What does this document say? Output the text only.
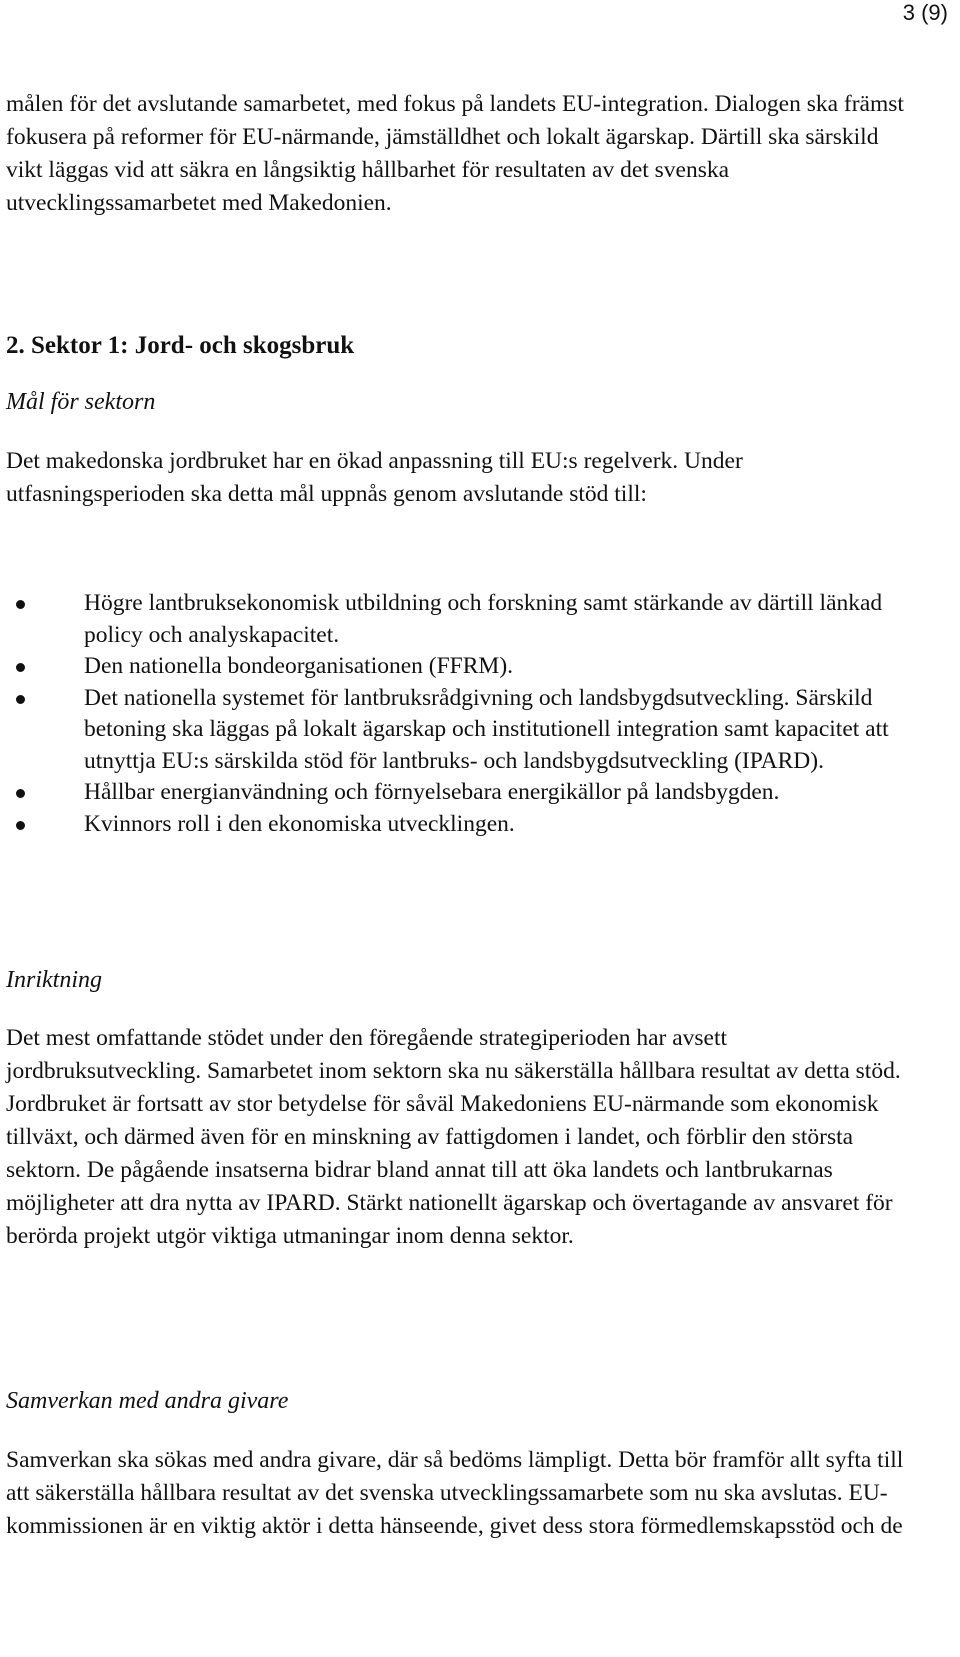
3 (9)

målen för det avslutande samarbetet, med fokus på landets EU-integration. Dialogen ska främst fokusera på reformer för EU-närmande, jämställdhet och lokalt ägarskap. Därtill ska särskild vikt läggas vid att säkra en långsiktig hållbarhet för resultaten av det svenska utvecklingssamarbetet med Makedonien.

2. Sektor 1: Jord- och skogsbruk
Mål för sektorn

Det makedonska jordbruket har en ökad anpassning till EU:s regelverk. Under utfasningsperioden ska detta mål uppnås genom avslutande stöd till:

Högre lantbruksekonomisk utbildning och forskning samt stärkande av därtill länkad policy och analyskapacitet.
Den nationella bondeorganisationen (FFRM).
Det nationella systemet för lantbruksrådgivning och landsbygdsutveckling. Särskild betoning ska läggas på lokalt ägarskap och institutionell integration samt kapacitet att utnyttja EU:s särskilda stöd för lantbruks- och landsbygdsutveckling (IPARD).
Hållbar energianvändning och förnyelsebara energikällor på landsbygden.
Kvinnors roll i den ekonomiska utvecklingen.
Inriktning

Det mest omfattande stödet under den föregående strategiperioden har avsett jordbruksutveckling. Samarbetet inom sektorn ska nu säkerställa hållbara resultat av detta stöd. Jordbruket är fortsatt av stor betydelse för såväl Makedoniens EU-närmande som ekonomisk tillväxt, och därmed även för en minskning av fattigdomen i landet, och förblir den största sektorn. De pågående insatserna bidrar bland annat till att öka landets och lantbrukarnas möjligheter att dra nytta av IPARD. Stärkt nationellt ägarskap och övertagande av ansvaret för berörda projekt utgör viktiga utmaningar inom denna sektor.

Samverkan med andra givare

Samverkan ska sökas med andra givare, där så bedöms lämpligt. Detta bör framför allt syfta till att säkerställa hållbara resultat av det svenska utvecklingssamarbete som nu ska avslutas. EU-kommissionen är en viktig aktör i detta hänseende, givet dess stora förmedlemskapsstöd och de
